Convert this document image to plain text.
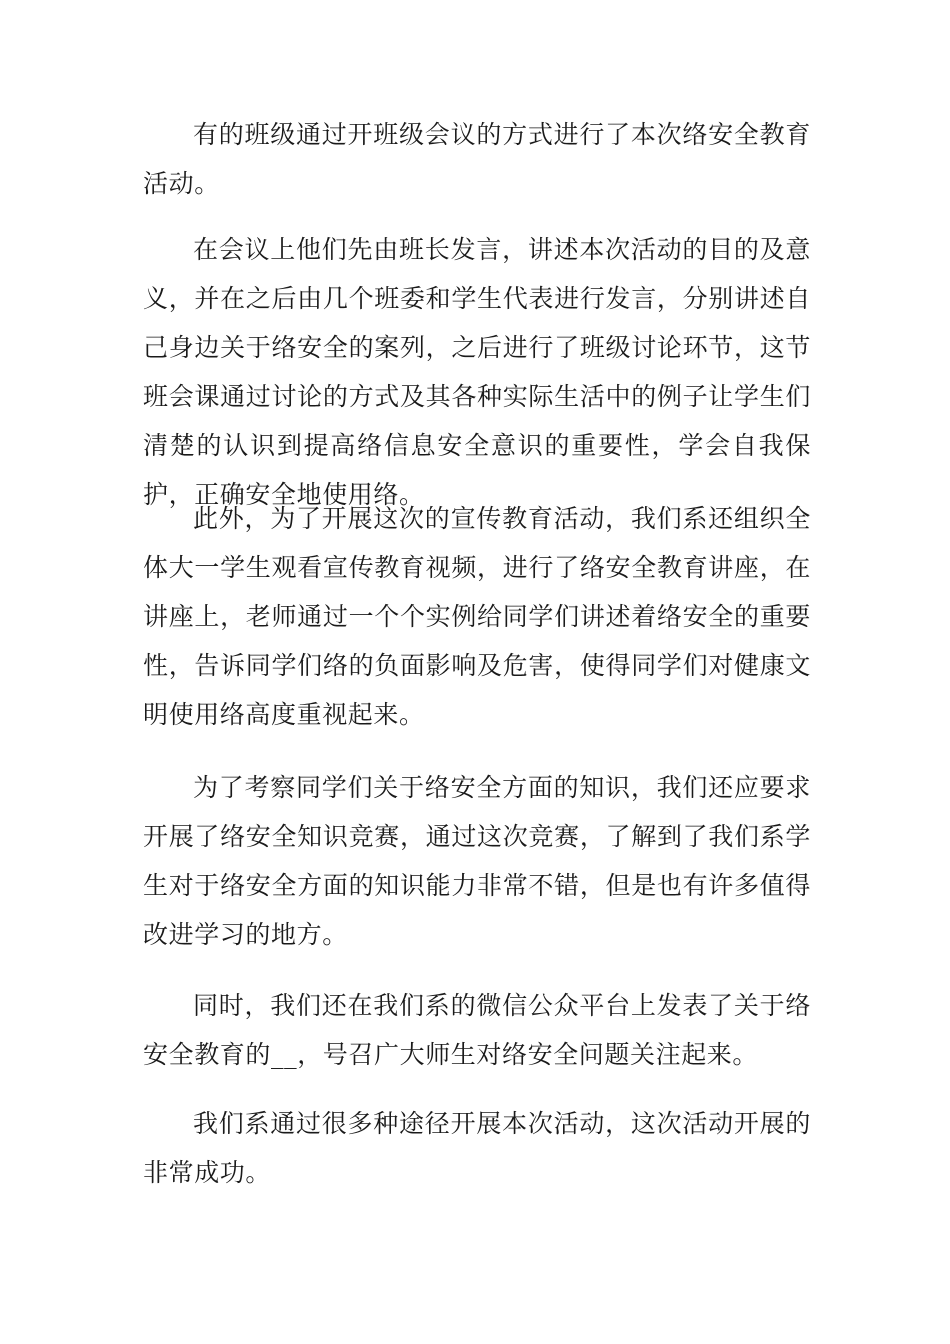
有的班级通过开班级会议的方式进行了本次络安全教育活动。

在会议上他们先由班长发言，讲述本次活动的目的及意义，并在之后由几个班委和学生代表进行发言，分别讲述自己身边关于络安全的案列，之后进行了班级讨论环节，这节班会课通过讨论的方式及其各种实际生活中的例子让学生们清楚的认识到提高络信息安全意识的重要性，学会自我保护，正确安全地使用络。

此外，为了开展这次的宣传教育活动，我们系还组织全体大一学生观看宣传教育视频，进行了络安全教育讲座，在讲座上，老师通过一个个实例给同学们讲述着络安全的重要性，告诉同学们络的负面影响及危害，使得同学们对健康文明使用络高度重视起来。

为了考察同学们关于络安全方面的知识，我们还应要求开展了络安全知识竞赛，通过这次竞赛，了解到了我们系学生对于络安全方面的知识能力非常不错，但是也有许多值得改进学习的地方。

同时，我们还在我们系的微信公众平台上发表了关于络安全教育的__，号召广大师生对络安全问题关注起来。

我们系通过很多种途径开展本次活动，这次活动开展的非常成功。
